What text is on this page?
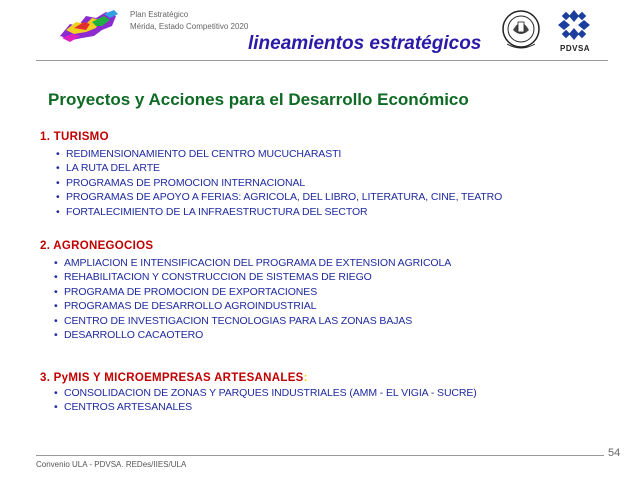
Plan Estratégico
Mérida, Estado Competitivo 2020
lineamientos estratégicos	PDVSA
Proyectos y Acciones para el Desarrollo Económico
1. TURISMO
• REDIMENSIONAMIENTO DEL CENTRO MUCUCHARASTI
• LA RUTA DEL ARTE
• PROGRAMAS DE PROMOCION INTERNACIONAL
• PROGRAMAS DE APOYO A FERIAS: AGRICOLA, DEL LIBRO, LITERATURA, CINE, TEATRO
• FORTALECIMIENTO DE LA INFRAESTRUCTURA DEL SECTOR
2. AGRONEGOCIOS
• AMPLIACION E INTENSIFICACION DEL PROGRAMA DE EXTENSION AGRICOLA
• REHABILITACION Y CONSTRUCCION DE SISTEMAS DE RIEGO
• PROGRAMA DE PROMOCION DE EXPORTACIONES
• PROGRAMAS DE DESARROLLO AGROINDUSTRIAL
• CENTRO DE INVESTIGACION TECNOLOGIAS PARA LAS ZONAS BAJAS
• DESARROLLO CACAOTERO
3. PyMIS Y MICROEMPRESAS ARTESANALES:
• CONSOLIDACION DE ZONAS Y PARQUES INDUSTRIALES (AMM - EL VIGIA - SUCRE)
• CENTROS ARTESANALES
54
Convenio ULA - PDVSA. REDes/IIES/ULA
